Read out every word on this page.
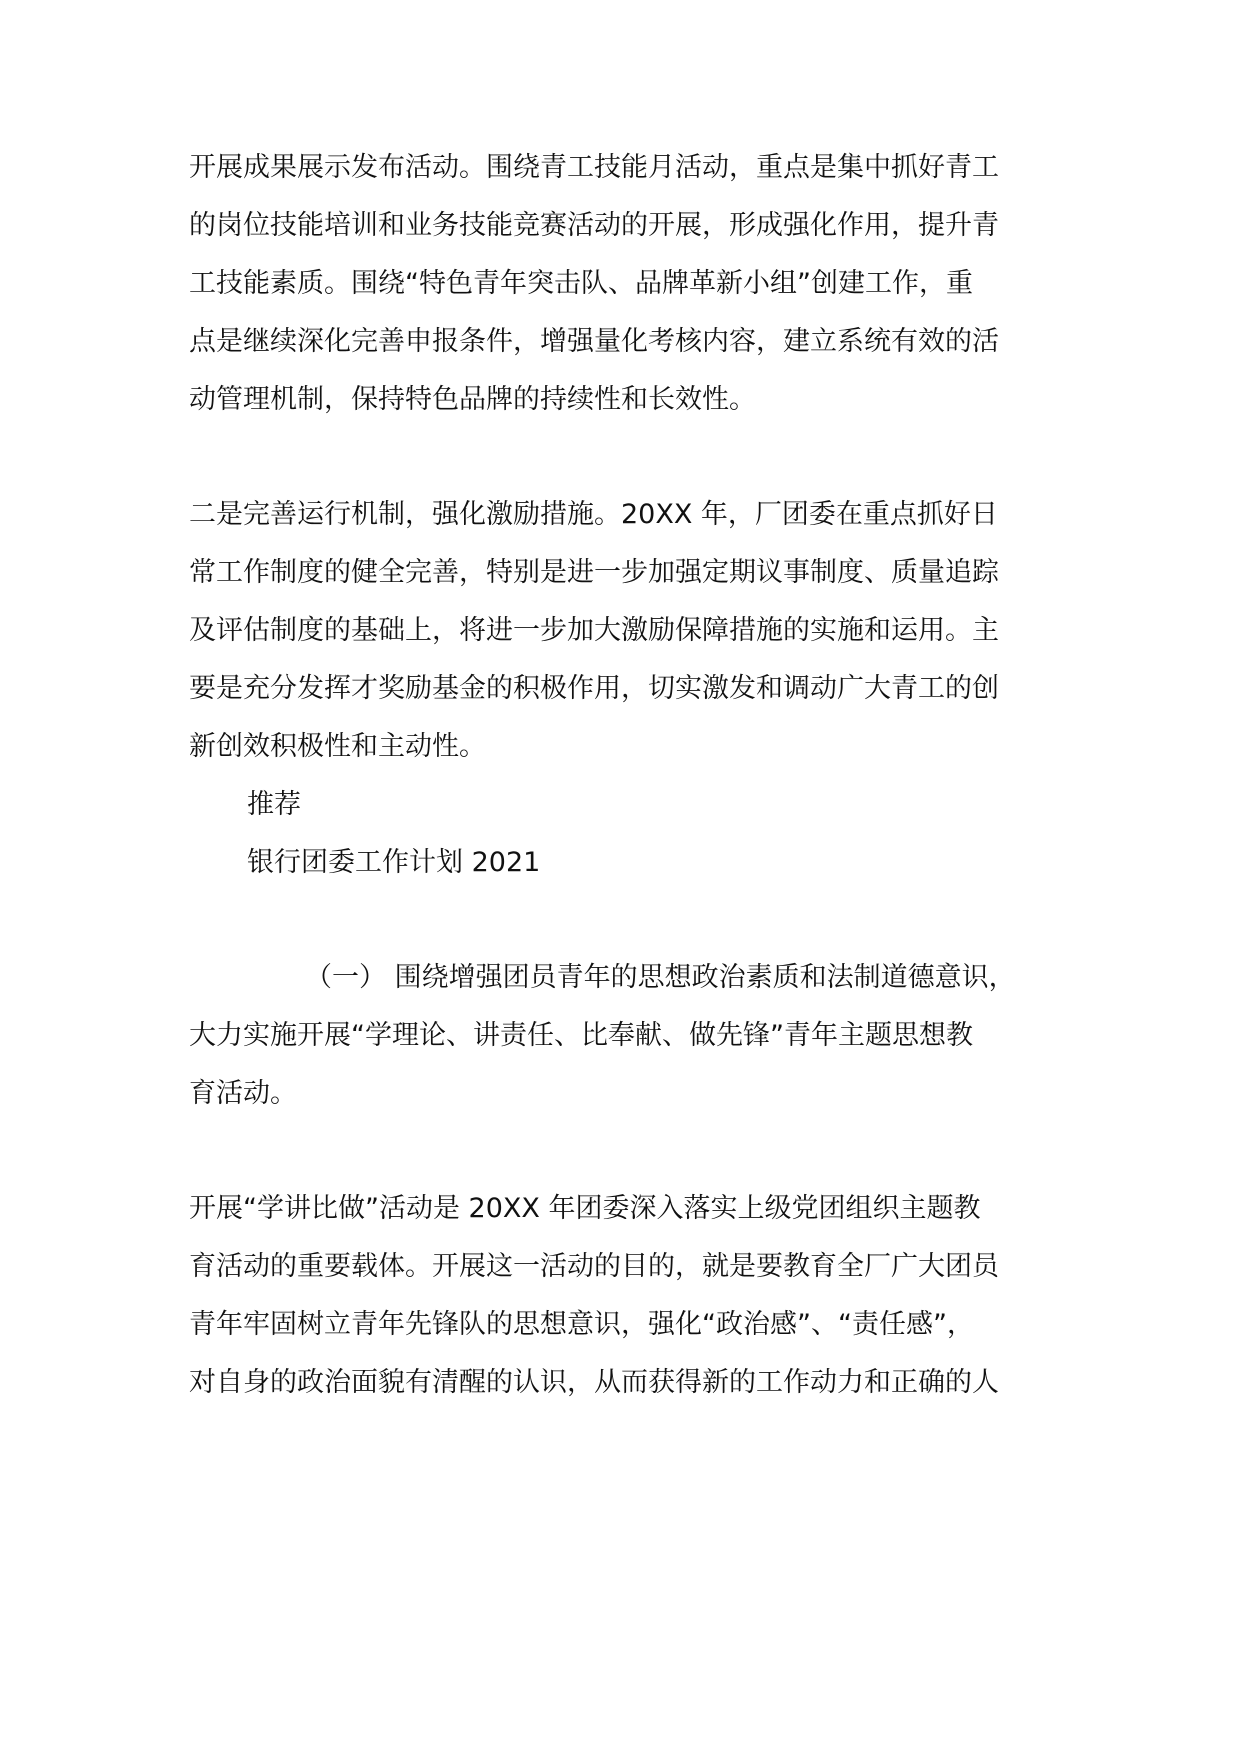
开展成果展示发布活动。围绕青工技能月活动，重点是集中抓好青工
的岗位技能培训和业务技能竞赛活动的开展，形成强化作用，提升青
工技能素质。围绕“特色青年突击队、品牌革新小组”创建工作，重
点是继续深化完善申报条件，增强量化考核内容，建立系统有效的活
动管理机制，保持特色品牌的持续性和长效性。
二是完善运行机制，强化激励措施。20XX 年，厂团委在重点抓好日
常工作制度的健全完善，特别是进一步加强定期议事制度、质量追踪
及评估制度的基础上，将进一步加大激励保障措施的实施和运用。主
要是充分发挥才奖励基金的积极作用，切实激发和调动广大青工的创
新创效积极性和主动性。
推荐
银行团委工作计划 2021
（一） 围绕增强团员青年的思想政治素质和法制道德意识，
大力实施开展“学理论、讲责任、比奉献、做先锋”青年主题思想教
育活动。
开展“学讲比做”活动是 20XX 年团委深入落实上级党团组织主题教
育活动的重要载体。开展这一活动的目的，就是要教育全厂广大团员
青年牢固树立青年先锋队的思想意识，强化“政治感”、“责任感”，
对自身的政治面貌有清醒的认识，从而获得新的工作动力和正确的人
